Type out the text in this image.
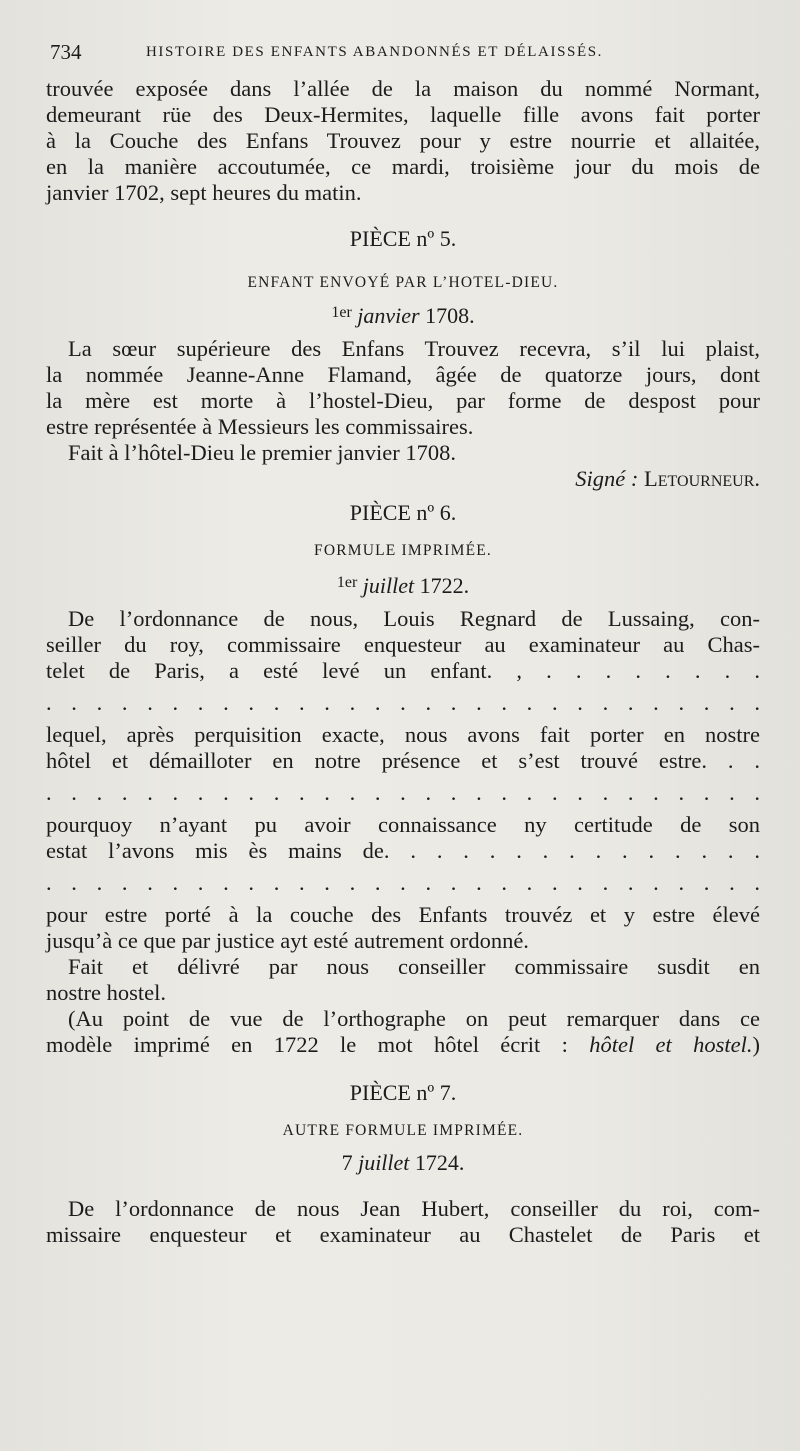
734	HISTOIRE DES ENFANTS ABANDONNÉS ET DÉLAISSÉS.
trouvée exposée dans l’allée de la maison du nommé Normant,
demeurant rüe des Deux-Hermites, laquelle fille avons fait porter
à la Couche des Enfans Trouvez pour y estre nourrie et allaitée,
en la manière accoutumée, ce mardi, troisième jour du mois de
janvier 1702, sept heures du matin.
PIÈCE nº 5.
ENFANT ENVOYÉ PAR L’HOTEL-DIEU.
$^{1er}$ janvier 1708.
La sœur supérieure des Enfans Trouvez recevra, s’il lui plaist,
la nommée Jeanne-Anne Flamand, âgée de quatorze jours, dont
la mère est morte à l’hostel-Dieu, par forme de despost pour
estre représentée à Messieurs les commissaires.
Fait à l’hôtel-Dieu le premier janvier 1708.
Signé : Letourneur.
PIÈCE nº 6.
FORMULE IMPRIMÉE.
$^{1er}$ juillet 1722.
De l’ordonnance de nous, Louis Regnard de Lussaing, con-
seiller du roy, commissaire enquesteur au examinateur au Chas-
telet de Paris, a esté levé un enfant. , . . . . . . . .
. . . . . . . . . . . . . . . . . . . . . . . . . . . . .
lequel, après perquisition exacte, nous avons fait porter en nostre
hôtel et démailloter en notre présence et s’est trouvé estre. . .
. . . . . . . . . . . . . . . . . . . . . . . . . . . . .
pourquoy n’ayant pu avoir connaissance ny certitude de son
estat l’avons mis ès mains de. . . . . . . . . . . . . . .
. . . . . . . . . . . . . . . . . . . . . . . . . . . . .
pour estre porté à la couche des Enfants trouvéz et y estre élevé
jusqu’à ce que par justice ayt esté autrement ordonné.
Fait et délivré par nous conseiller commissaire susdit en
nostre hostel.
(Au point de vue de l’orthographe on peut remarquer dans ce
modèle imprimé en 1722 le mot hôtel écrit : hôtel et hostel.)
PIÈCE nº 7.
AUTRE FORMULE IMPRIMÉE.
7 juillet 1724.
De l’ordonnance de nous Jean Hubert, conseiller du roi, com-
missaire enquesteur et examinateur au Chastelet de Paris et
